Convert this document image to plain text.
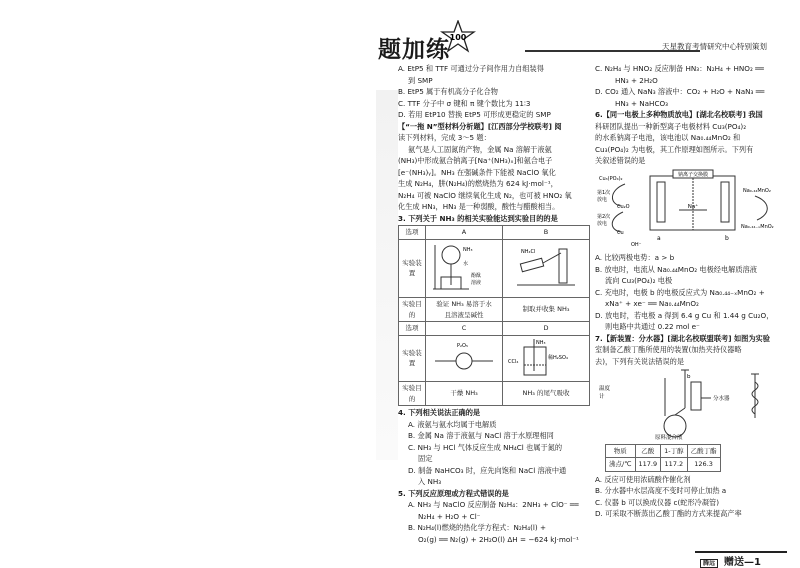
题加练 100
天星教育考情研究中心特别策划

A. EtP5 和 TTF 可通过分子间作用力自组装得

到 SMP

B. EtP5 属于有机高分子化合物

C. TTF 分子中 σ 键和 π 键个数比为 11∶3

D. 若用 EtP10 替换 EtP5 可形成更稳定的 SMP

【“一拖 N”型材料分析题】[江西部分学校联考] 阅

读下列材料，完成 3～5 题：

氨气是人工固氮的产物，金属 Na 溶解于液氨

(NH₃)中形成氨合钠离子[Na⁺(NH₃)ₓ]和氨合电子

[e⁻(NH₃)ᵧ]。NH₃ 在强碱条件下能被 NaClO 氧化

生成 N₂H₄，肼(N₂H₄)的燃烧热为 624 kJ·mol⁻¹，

N₂H₄ 可被 NaClO 继续氧化生成 N₂，也可被 HNO₂ 氧

化生成 HN₃，HN₃ 是一种弱酸，酸性与醋酸相当。

3. 下列关于 NH₃ 的相关实验能达到实验目的的是

选项	A	B
实验装置	NH₃
水
酚酞
溶液	NH₄Cl

实验目的	验证 NH₃ 易溶于水
且溶液呈碱性	制取并收集 NH₃
选项	C	D
实验装置	P₂O₅	CCl₄
稀H₂SO₄
NH₃

实验目的	干燥 NH₃	NH₃ 的尾气吸收

4. 下列相关说法正确的是

A. 液氨与氨水均属于电解质

B. 金属 Na 溶于液氨与 NaCl 溶于水原理相同

C. NH₃ 与 HCl 气体反应生成 NH₄Cl 也属于氮的

固定

D. 制备 NaHCO₃ 时，应先向饱和 NaCl 溶液中通

入 NH₃

5. 下列反应原理或方程式错误的是

A. NH₃ 与 NaClO 反应制备 N₂H₄：2NH₃ + ClO⁻ ══

N₂H₄ + H₂O + Cl⁻

B. N₂H₄(l)燃烧的热化学方程式：N₂H₄(l) +

O₂(g) ══ N₂(g) + 2H₂O(l) ΔH = −624 kJ·mol⁻¹

C. N₂H₄ 与 HNO₂ 反应制备 HN₃：N₂H₄ + HNO₂ ══

HN₃ + 2H₂O

D. CO₂ 通入 NaN₃ 溶液中：CO₂ + H₂O + NaN₃ ══

HN₃ + NaHCO₃

6.【同一电极上多种物质放电】[湖北名校联考] 我国

科研团队提出一种新型离子电极材料 Cu₃(PO₄)₂

的水系钠离子电池，该电池以 Na₀.₄₄MnO₂ 和

Cu₃(PO₄)₂ 为电极，其工作原理如图所示。下列有

关叙述错误的是

钠离子交换膜
Na⁺
a	b
Cu₃(PO₄)₂
第1次
放电
Cu₂O
第2次
放电
Cu
OH⁻
Na₀.₄₄MnO₂
Na₀.₄₄₋ₓMnO₂

A. 比较两极电势：a > b

B. 放电时，电流从 Na₀.₄₄MnO₂ 电极经电解质溶液

流向 Cu₃(PO₄)₂ 电极

C. 充电时，电极 b 的电极反应式为 Na₀.₄₄₋ₓMnO₂ +

xNa⁺ + xe⁻ ══ Na₀.₄₄MnO₂

D. 放电时，若电极 a 得到 6.4 g Cu 和 1.44 g Cu₂O，

则电路中共通过 0.22 mol e⁻

7.【新装置：分水器】[湖北名校联盟联考] 如图为实验

室制备乙酸丁酯所使用的装置(加热夹持仪器略

去)，下列有关说法错误的是

温度
计	分水器
b
原料混合液
物质	乙酸	1-丁醇	乙酸丁酯
沸点/℃	117.9	117.2	126.3

A. 反应可使用浓硫酸作催化剂

B. 分水器中水层高度不变时可停止加热 a

C. 仪器 b 可以换成仪器 c(蛇形冷凝管)

D. 可采取不断蒸出乙酸丁酯的方式来提高产率

腾远 赠送—1
